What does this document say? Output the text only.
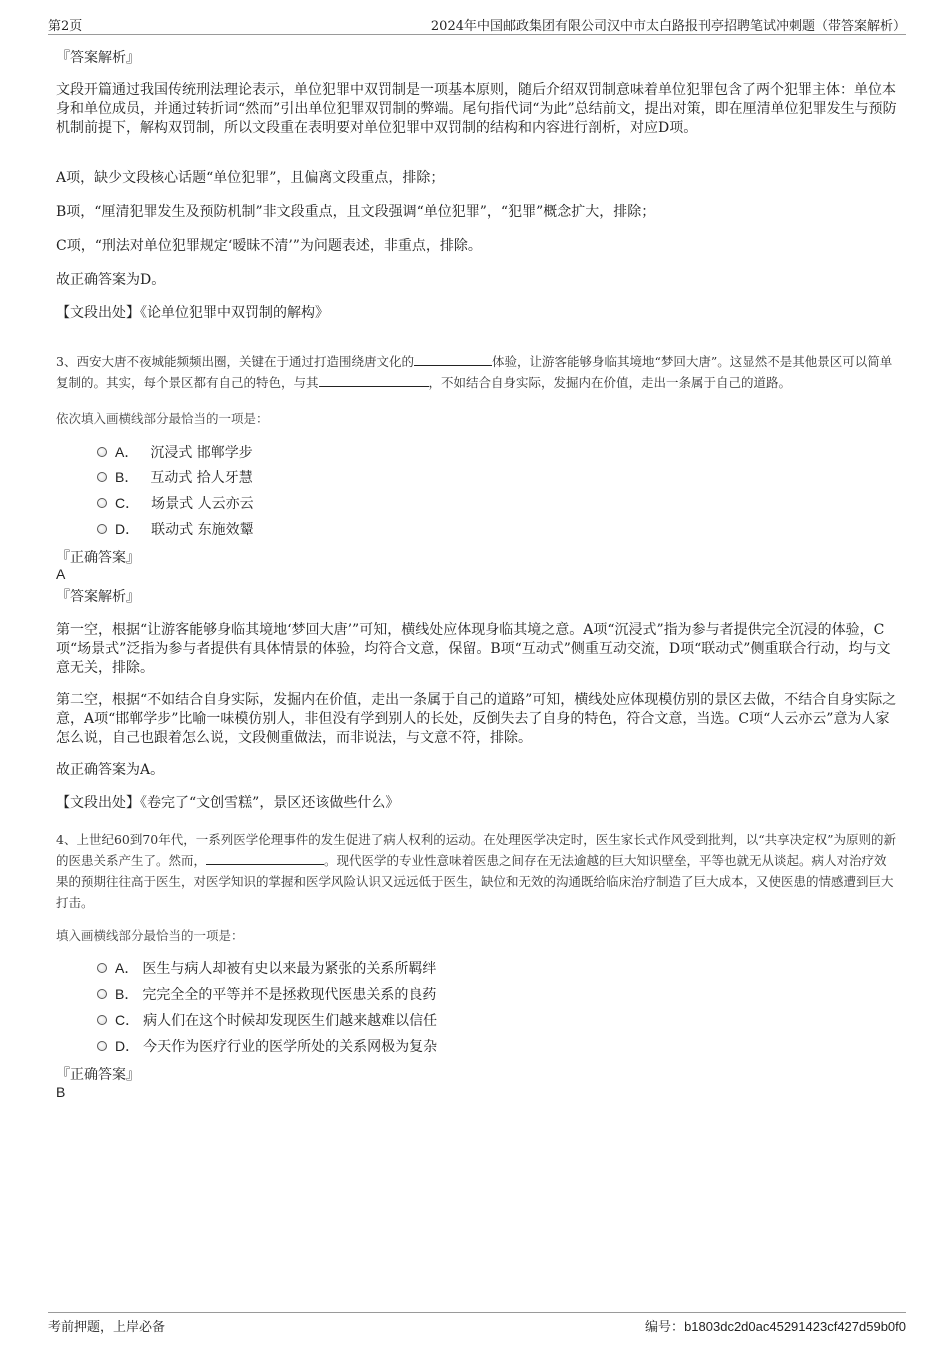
第2页	2024年中国邮政集团有限公司汉中市太白路报刊亭招聘笔试冲刺题（带答案解析）
『答案解析』

文段开篇通过我国传统刑法理论表示，单位犯罪中双罚制是一项基本原则，随后介绍双罚制意味着单位犯罪包含了两个犯罪主体：单位本身和单位成员，并通过转折词“然而”引出单位犯罪双罚制的弊端。尾句指代词“为此”总结前文，提出对策，即在厘清单位犯罪发生与预防机制前提下，解构双罚制，所以文段重在表明要对单位犯罪中双罚制的结构和内容进行剖析，对应D项。

A项，缺少文段核心话题“单位犯罪”，且偏离文段重点，排除；

B项，“厘清犯罪发生及预防机制”非文段重点，且文段强调“单位犯罪”，“犯罪”概念扩大，排除；

C项，“刑法对单位犯罪规定‘暧昧不清’”为问题表述，非重点，排除。

故正确答案为D。

【文段出处】《论单位犯罪中双罚制的解构》

3、西安大唐不夜城能频频出圈，关键在于通过打造围绕唐文化的	体验，让游客能够身临其境地“梦回大唐”。这显然不是其他景区可以简单复制的。其实，每个景区都有自己的特色，与其	，不如结合自身实际，发掘内在价值，走出一条属于自己的道路。

依次填入画横线部分最恰当的一项是：
A． 沉浸式 邯郸学步
B． 互动式 拾人牙慧
C． 场景式 人云亦云
D． 联动式 东施效颦
『正确答案』
A
『答案解析』

第一空，根据“让游客能够身临其境地‘梦回大唐’”可知，横线处应体现身临其境之意。A项“沉浸式”指为参与者提供完全沉浸的体验，C项“场景式”泛指为参与者提供有具体情景的体验，均符合文意，保留。B项“互动式”侧重互动交流，D项“联动式”侧重联合行动，均与文意无关，排除。

第二空，根据“不如结合自身实际，发掘内在价值，走出一条属于自己的道路”可知，横线处应体现模仿别的景区去做，不结合自身实际之意，A项“邯郸学步”比喻一味模仿别人，非但没有学到别人的长处，反倒失去了自身的特色，符合文意，当选。C项“人云亦云”意为人家怎么说，自己也跟着怎么说，文段侧重做法，而非说法，与文意不符，排除。

故正确答案为A。

【文段出处】《卷完了“文创雪糕”，景区还该做些什么》

4、上世纪60到70年代，一系列医学伦理事件的发生促进了病人权利的运动。在处理医学决定时，医生家长式作风受到批判，以“共享决定权”为原则的新的医患关系产生了。然而，	。现代医学的专业性意味着医患之间存在无法逾越的巨大知识壁垒，平等也就无从谈起。病人对治疗效果的预期往往高于医生，对医学知识的掌握和医学风险认识又远远低于医生，缺位和无效的沟通既给临床治疗制造了巨大成本，又使医患的情感遭到巨大打击。

填入画横线部分最恰当的一项是：
A． 医生与病人却被有史以来最为紧张的关系所羁绊
B． 完完全全的平等并不是拯救现代医患关系的良药
C． 病人们在这个时候却发现医生们越来越难以信任
D． 今天作为医疗行业的医学所处的关系网极为复杂
『正确答案』
B
考前押题，上岸必备	编号：b1803dc2d0ac45291423cf427d59b0f0
